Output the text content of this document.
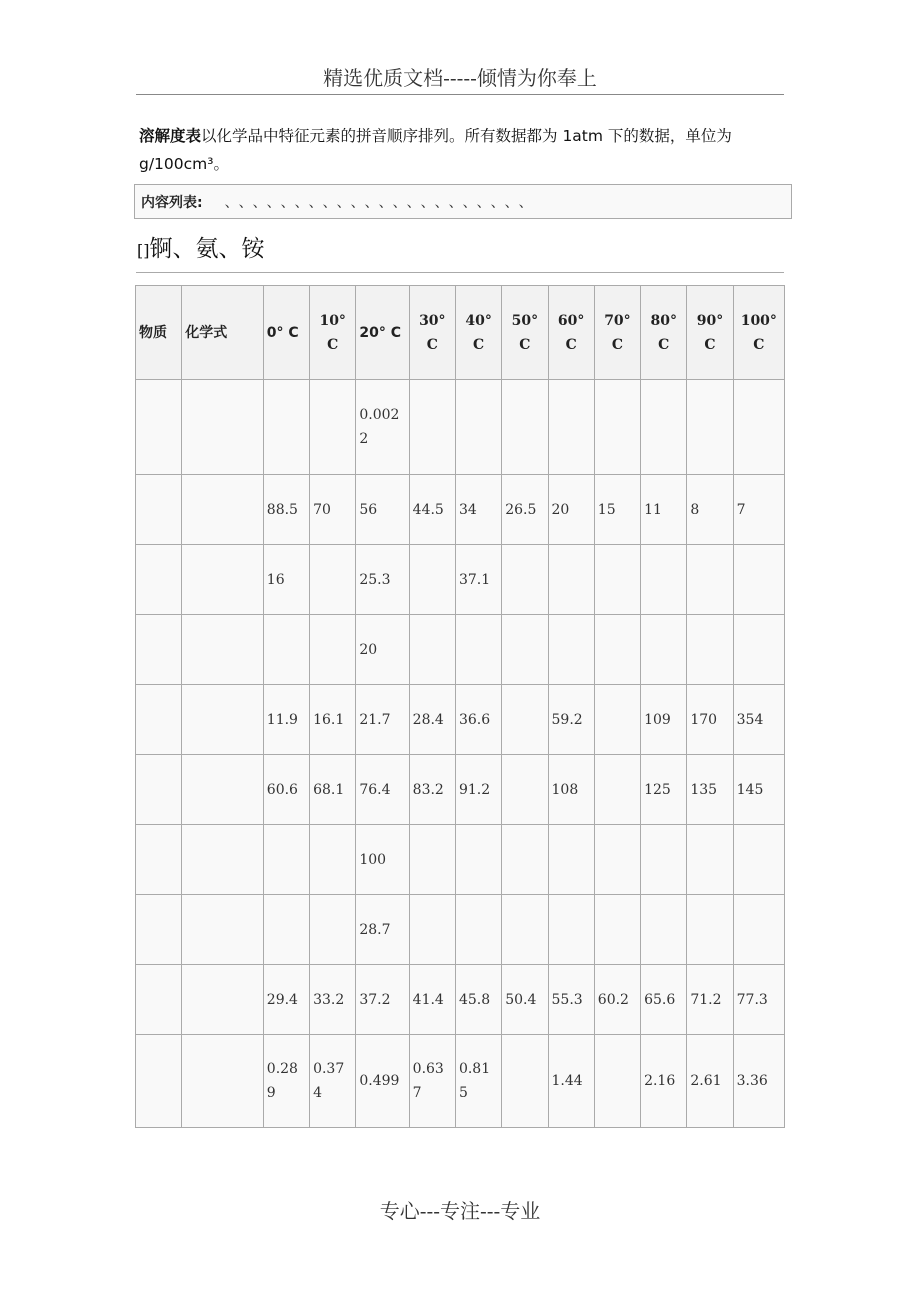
精选优质文档-----倾情为你奉上
溶解度表以化学品中特征元素的拼音顺序排列。所有数据都为 1atm 下的数据，单位为 g/100cm³。
内容列表: 、、、、、、、、、、、、、、、、、、、、、、
[]锕、氨、铵
物质	化学式	0° C	10° C	20° C	30° C	40° C	50° C	60° C	70° C	80° C	90° C	100° C
				0.0022								
		88.5	70	56	44.5	34	26.5	20	15	11	8	7
		16		25.3		37.1						
				20								
		11.9	16.1	21.7	28.4	36.6		59.2		109	170	354
		60.6	68.1	76.4	83.2	91.2		108		125	135	145
				100								
				28.7								
		29.4	33.2	37.2	41.4	45.8	50.4	55.3	60.2	65.6	71.2	77.3
		0.289	0.374	0.499	0.637	0.815		1.44		2.16	2.61	3.36
专心---专注---专业
